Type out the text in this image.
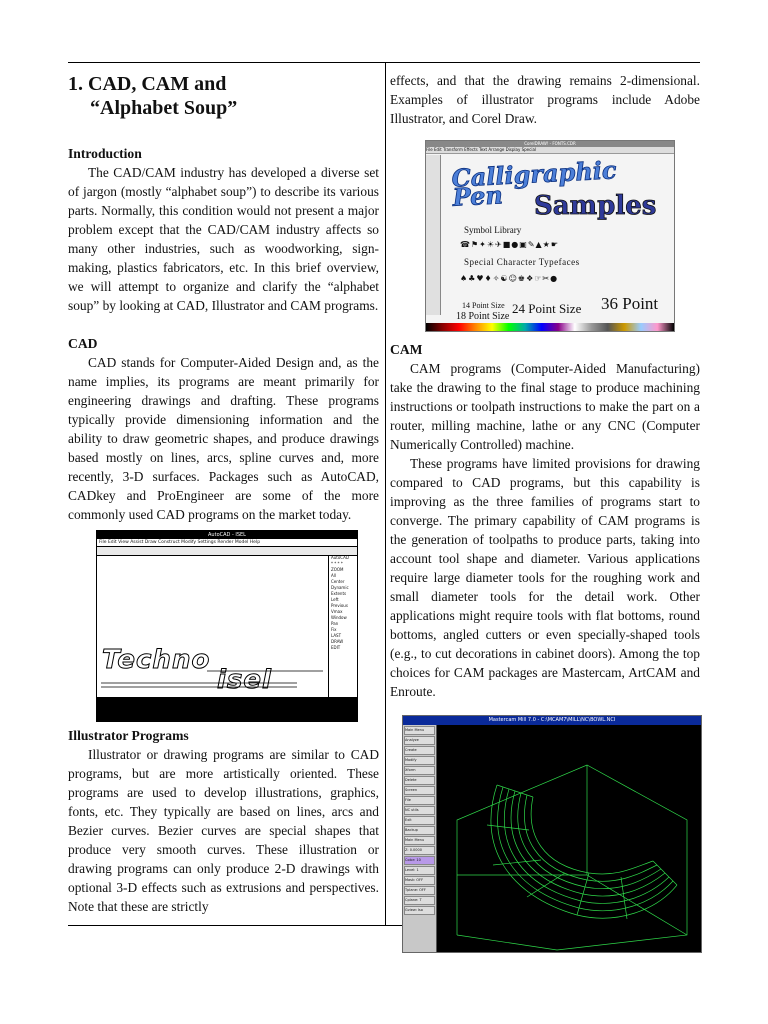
1. CAD, CAM and
“Alphabet Soup”
Introduction

The CAD/CAM industry has developed a diverse set of jargon (mostly “alphabet soup”) to describe its various parts. Normally, this condition would not present a major problem except that the CAD/CAM industry affects so many other industries, such as woodworking, sign-making, plastics fabricators, etc. In this brief overview, we will attempt to organize and clarify the “alphabet soup” by looking at CAD, Illustrator and CAM programs.

CAD

CAD stands for Computer-Aided Design and, as the name implies, its programs are meant primarily for engineering drawings and drafting. These programs typically provide dimensioning information and the ability to draw geometric shapes, and produce drawings based mostly on lines, arcs, spline curves and, more recently, 3-D surfaces. Packages such as AutoCAD, CADkey and ProEngineer are some of the more commonly used CAD programs on the market today.

AutoCAD - ISEL
File Edit View Assist Draw Construct Modify Settings Render Model Help
AutoCAD
* * * *
ZOOM
All
Center
Dynamic
Extents
Left
Previous
Vmax
Window
Pan
Fix
LAST
DRAW
EDIT
Techno
isel
Illustrator Programs

Illustrator or drawing programs are similar to CAD programs, but are more artistically oriented. These programs are used to develop illustrations, graphics, fonts, etc. They typically are based on lines, arcs and Bezier curves. Bezier curves are special shapes that produce very smooth curves. These illustration or drawing programs can only produce 2-D drawings with optional 3-D effects such as extrusions and perspectives. Note that these are strictly

effects, and that the drawing remains 2-dimensional. Examples of illustrator programs include Adobe Illustrator, and Corel Draw.

CorelDRAW! - FONTS.CDR
File Edit Transform Effects Text Arrange Display Special
Calligraphic Pen	Samples
Symbol Library
☎⚑✦☀✈■●▣✎▲★☛
Special Character Typefaces
♠♣♥♦✧☯☺♚❖☞✂●
14 Point Size
18 Point Size
24 Point Size 36 Point
CAM

CAM programs (Computer-Aided Manufacturing) take the drawing to the final stage to produce machining instructions or toolpath instructions to make the part on a router, milling machine, lathe or any CNC (Computer Numerically Controlled) machine.

These programs have limited provisions for drawing compared to CAD programs, but this capability is improving as the three families of programs start to converge. The primary capability of CAM programs is the generation of toolpaths to produce parts, taking into account tool shape and diameter. Various applications require large diameter tools for the roughing work and small diameter tools for the detail work. Other applications might require tools with flat bottoms, round bottoms, angled cutters or even specially-shaped tools (e.g., to cut decorations in cabinet doors). Among the top choices for CAM packages are Mastercam, ArtCAM and Enroute.

Mastercam Mill 7.0 - C:\MCAM7\MILL\NC\BOWL.NCI
Main Menu
Analyze
Create
Modify
Xform
Delete
Screen
File
NC utils
Exit
Backup
Main Menu
Z: 0.0000
Color: 10
Level: 1
Mask: OFF
Tplane: OFF
Cplane: T
Gview: Iso
